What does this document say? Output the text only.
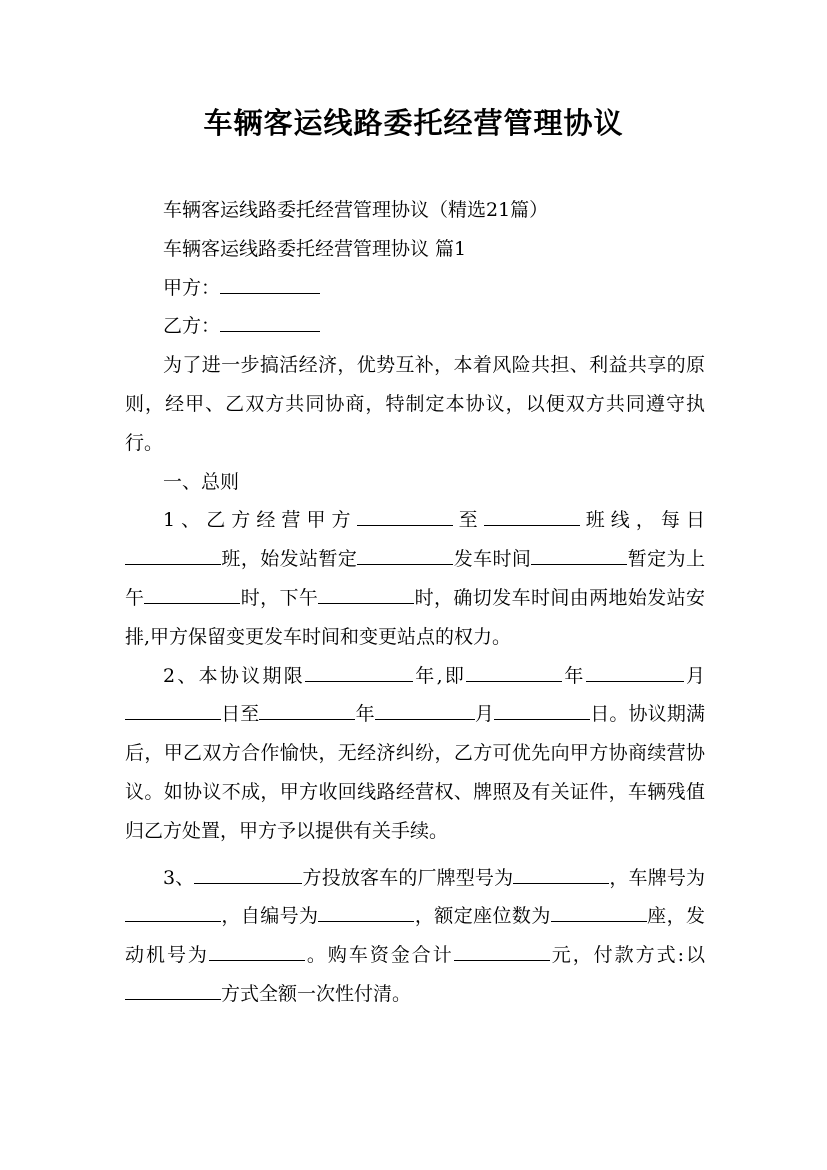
车辆客运线路委托经营管理协议

车辆客运线路委托经营管理协议（精选21篇）

车辆客运线路委托经营管理协议 篇1

甲方：

乙方：

为了进一步搞活经济，优势互补，本着风险共担、利益共享的原则，经甲、乙双方共同协商，特制定本协议，以便双方共同遵守执行。

一、总则

1、乙方经营甲方	至	班线，每日班，始发站暂定	发车时间	暂定为上午	时，下午	时，确切发车时间由两地始发站安排,甲方保留变更发车时间和变更站点的权力。

2、本协议期限	年,即	年	月日至	年	月	日。协议期满后，甲乙双方合作愉快，无经济纠纷，乙方可优先向甲方协商续营协议。如协议不成，甲方收回线路经营权、牌照及有关证件，车辆残值归乙方处置，甲方予以提供有关手续。

3、	方投放客车的厂牌型号为	，车牌号为，自编号为	，额定座位数为	座，发动机号为	。购车资金合计	元，付款方式:以方式全额一次性付清。
